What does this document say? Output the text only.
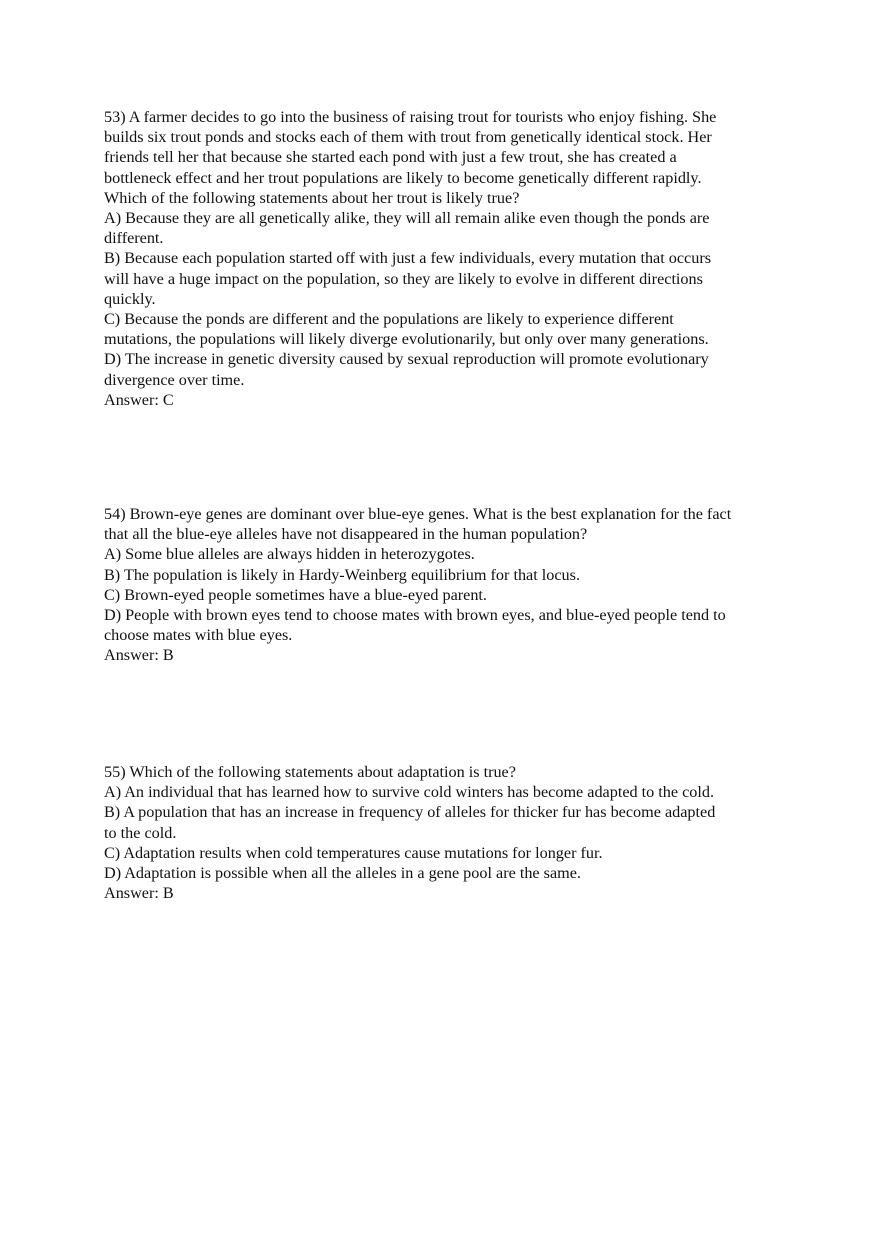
53) A farmer decides to go into the business of raising trout for tourists who enjoy fishing. She
builds six trout ponds and stocks each of them with trout from genetically identical stock. Her
friends tell her that because she started each pond with just a few trout, she has created a
bottleneck effect and her trout populations are likely to become genetically different rapidly.
Which of the following statements about her trout is likely true?
A) Because they are all genetically alike, they will all remain alike even though the ponds are
different.
B) Because each population started off with just a few individuals, every mutation that occurs
will have a huge impact on the population, so they are likely to evolve in different directions
quickly.
C) Because the ponds are different and the populations are likely to experience different
mutations, the populations will likely diverge evolutionarily, but only over many generations.
D) The increase in genetic diversity caused by sexual reproduction will promote evolutionary
divergence over time.
Answer: C
54) Brown-eye genes are dominant over blue-eye genes. What is the best explanation for the fact
that all the blue-eye alleles have not disappeared in the human population?
A) Some blue alleles are always hidden in heterozygotes.
B) The population is likely in Hardy-Weinberg equilibrium for that locus.
C) Brown-eyed people sometimes have a blue-eyed parent.
D) People with brown eyes tend to choose mates with brown eyes, and blue-eyed people tend to
choose mates with blue eyes.
Answer: B
55) Which of the following statements about adaptation is true?
A) An individual that has learned how to survive cold winters has become adapted to the cold.
B) A population that has an increase in frequency of alleles for thicker fur has become adapted
to the cold.
C) Adaptation results when cold temperatures cause mutations for longer fur.
D) Adaptation is possible when all the alleles in a gene pool are the same.
Answer: B
